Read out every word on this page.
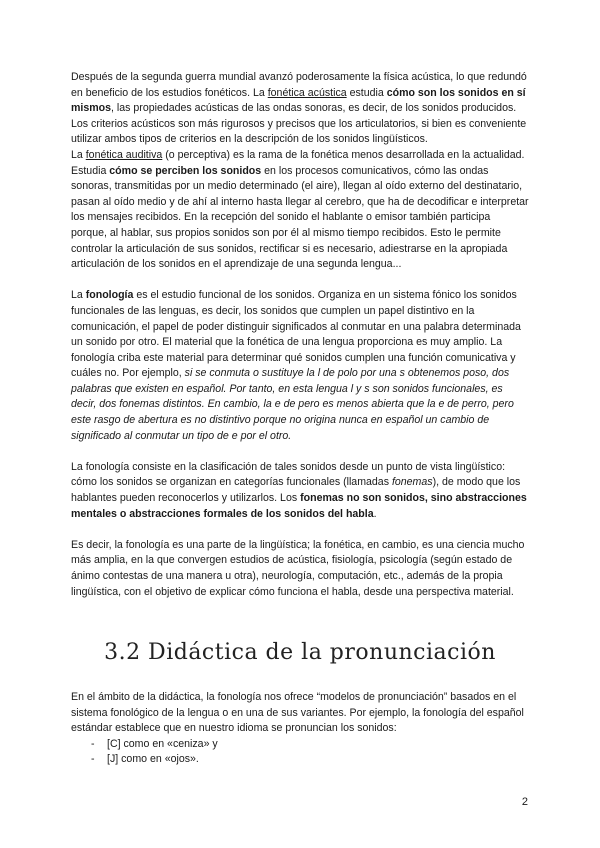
Después de la segunda guerra mundial avanzó poderosamente la física acústica, lo que redundó en beneficio de los estudios fonéticos. La fonética acústica estudia cómo son los sonidos en sí mismos, las propiedades acústicas de las ondas sonoras, es decir, de los sonidos producidos. Los criterios acústicos son más rigurosos y precisos que los articulatorios, si bien es conveniente utilizar ambos tipos de criterios en la descripción de los sonidos lingüísticos.

La fonética auditiva (o perceptiva) es la rama de la fonética menos desarrollada en la actualidad. Estudia cómo se perciben los sonidos en los procesos comunicativos, cómo las ondas sonoras, transmitidas por un medio determinado (el aire), llegan al oído externo del destinatario, pasan al oído medio y de ahí al interno hasta llegar al cerebro, que ha de decodificar e interpretar los mensajes recibidos. En la recepción del sonido el hablante o emisor también participa porque, al hablar, sus propios sonidos son por él al mismo tiempo recibidos. Esto le permite controlar la articulación de sus sonidos, rectificar si es necesario, adiestrarse en la apropiada articulación de los sonidos en el aprendizaje de una segunda lengua...

La fonología es el estudio funcional de los sonidos. Organiza en un sistema fónico los sonidos funcionales de las lenguas, es decir, los sonidos que cumplen un papel distintivo en la comunicación, el papel de poder distinguir significados al conmutar en una palabra determinada un sonido por otro. El material que la fonética de una lengua proporciona es muy amplio. La fonología criba este material para determinar qué sonidos cumplen una función comunicativa y cuáles no. Por ejemplo, si se conmuta o sustituye la l de polo por una s obtenemos poso, dos palabras que existen en español. Por tanto, en esta lengua l y s son sonidos funcionales, es decir, dos fonemas distintos. En cambio, la e de pero es menos abierta que la e de perro, pero este rasgo de abertura es no distintivo porque no origina nunca en español un cambio de significado al conmutar un tipo de e por el otro.

La fonología consiste en la clasificación de tales sonidos desde un punto de vista lingüístico: cómo los sonidos se organizan en categorías funcionales (llamadas fonemas), de modo que los hablantes pueden reconocerlos y utilizarlos. Los fonemas no son sonidos, sino abstracciones mentales o abstracciones formales de los sonidos del habla.

Es decir, la fonología es una parte de la lingüística; la fonética, en cambio, es una ciencia mucho más amplia, en la que convergen estudios de acústica, fisiología, psicología (según estado de ánimo contestas de una manera u otra), neurología, computación, etc., además de la propia lingüística, con el objetivo de explicar cómo funciona el habla, desde una perspectiva material.

3.2 Didáctica de la pronunciación

En el ámbito de la didáctica, la fonología nos ofrece “modelos de pronunciación” basados en el sistema fonológico de la lengua o en una de sus variantes. Por ejemplo, la fonología del español estándar establece que en nuestro idioma se pronuncian los sonidos:

- [C] como en «ceniza» y
- [J] como en «ojos».
2
